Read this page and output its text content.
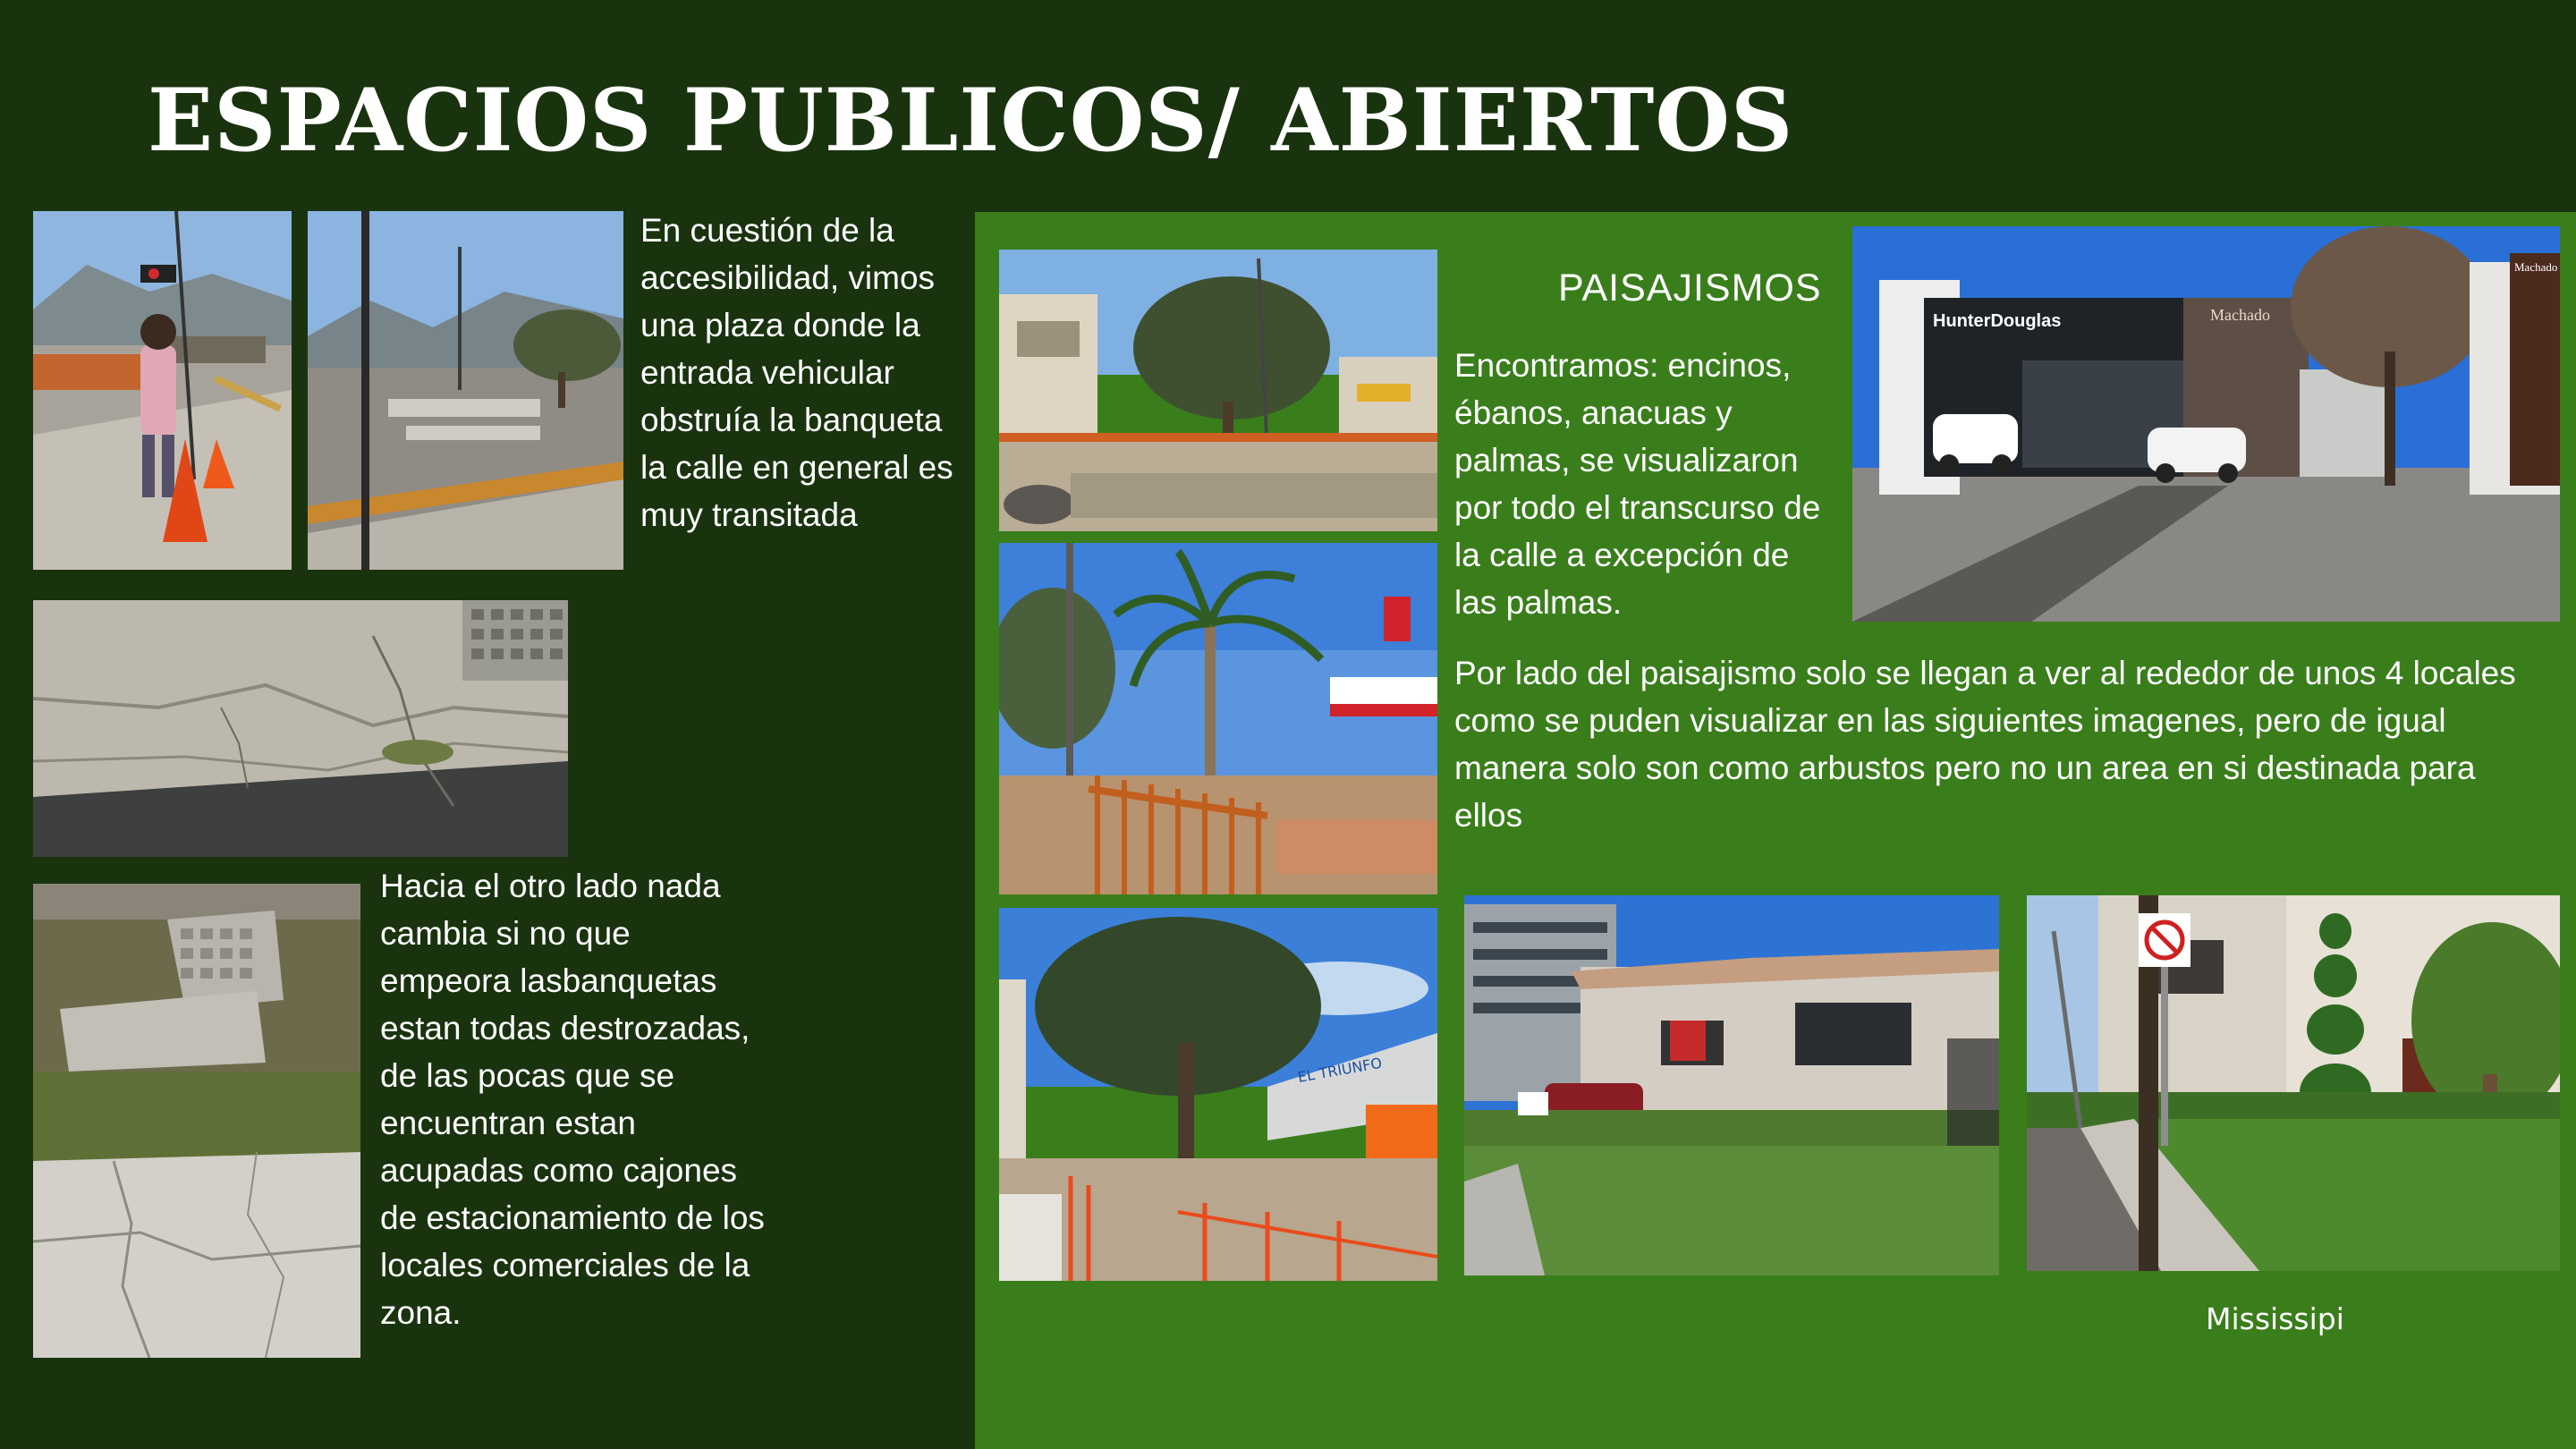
ESPACIOS PUBLICOS/ ABIERTOS
En cuestión de la accesibilidad, vimos una plaza donde la entrada vehicular obstruía la banqueta la calle en general es muy transitada
Hacia el otro lado nada cambia si no que empeora lasbanquetas estan todas destrozadas, de las pocas que se encuentran estan acupadas como cajones de estacionamiento de los locales comerciales de la zona.
EL TRIUNFO
HunterDouglas	Machado
Machado
PAISAJISMOS
Encontramos: encinos, ébanos, anacuas y palmas, se visualizaron por todo el transcurso de la calle a excepción de las palmas.
Por lado del paisajismo solo se llegan a ver al rededor de unos 4 locales como se puden visualizar en las siguientes imagenes, pero de igual manera solo son como arbustos pero no un area en si destinada para ellos
Mississipi
